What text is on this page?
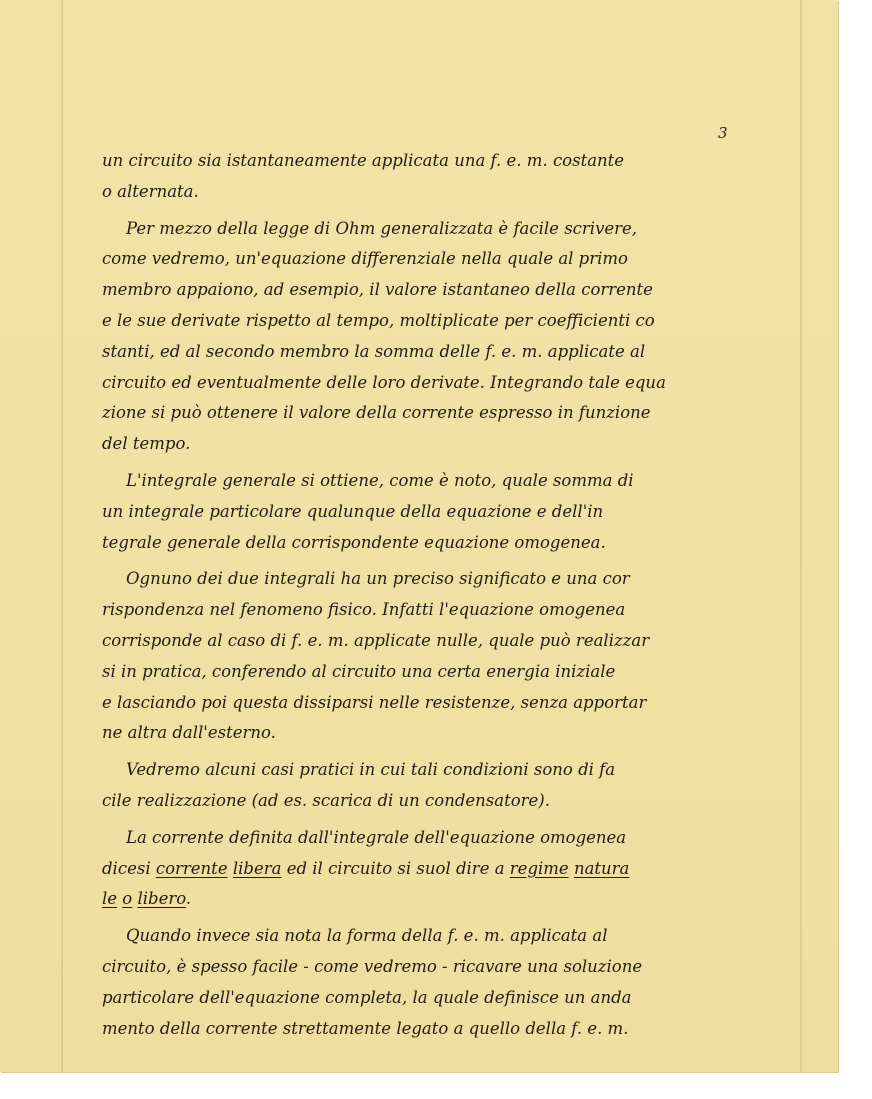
3
un circuito sia istantaneamente applicata una f. e. m. costante
o alternata.
Per mezzo della legge di Ohm generalizzata è facile scrivere,
come vedremo, un'equazione differenziale nella quale al primo
membro appaiono, ad esempio, il valore istantaneo della corrente
e le sue derivate rispetto al tempo, moltiplicate per coefficienti co
stanti, ed al secondo membro la somma delle f. e. m. applicate al
circuito ed eventualmente delle loro derivate. Integrando tale equa
zione si può ottenere il valore della corrente espresso in funzione
del tempo.
L'integrale generale si ottiene, come è noto, quale somma di
un integrale particolare qualunque della equazione e dell'in
tegrale generale della corrispondente equazione omogenea.
Ognuno dei due integrali ha un preciso significato e una cor
rispondenza nel fenomeno fisico. Infatti l'equazione omogenea
corrisponde al caso di f. e. m. applicate nulle, quale può realizzar
si in pratica, conferendo al circuito una certa energia iniziale
e lasciando poi questa dissiparsi nelle resistenze, senza apportar
ne altra dall'esterno.
Vedremo alcuni casi pratici in cui tali condizioni sono di fa
cile realizzazione (ad es. scarica di un condensatore).
La corrente definita dall'integrale dell'equazione omogenea
dicesi corrente libera ed il circuito si suol dire a regime natura
le o libero.
Quando invece sia nota la forma della f. e. m. applicata al
circuito, è spesso facile - come vedremo - ricavare una soluzione
particolare dell'equazione completa, la quale definisce un anda
mento della corrente strettamente legato a quello della f. e. m.
